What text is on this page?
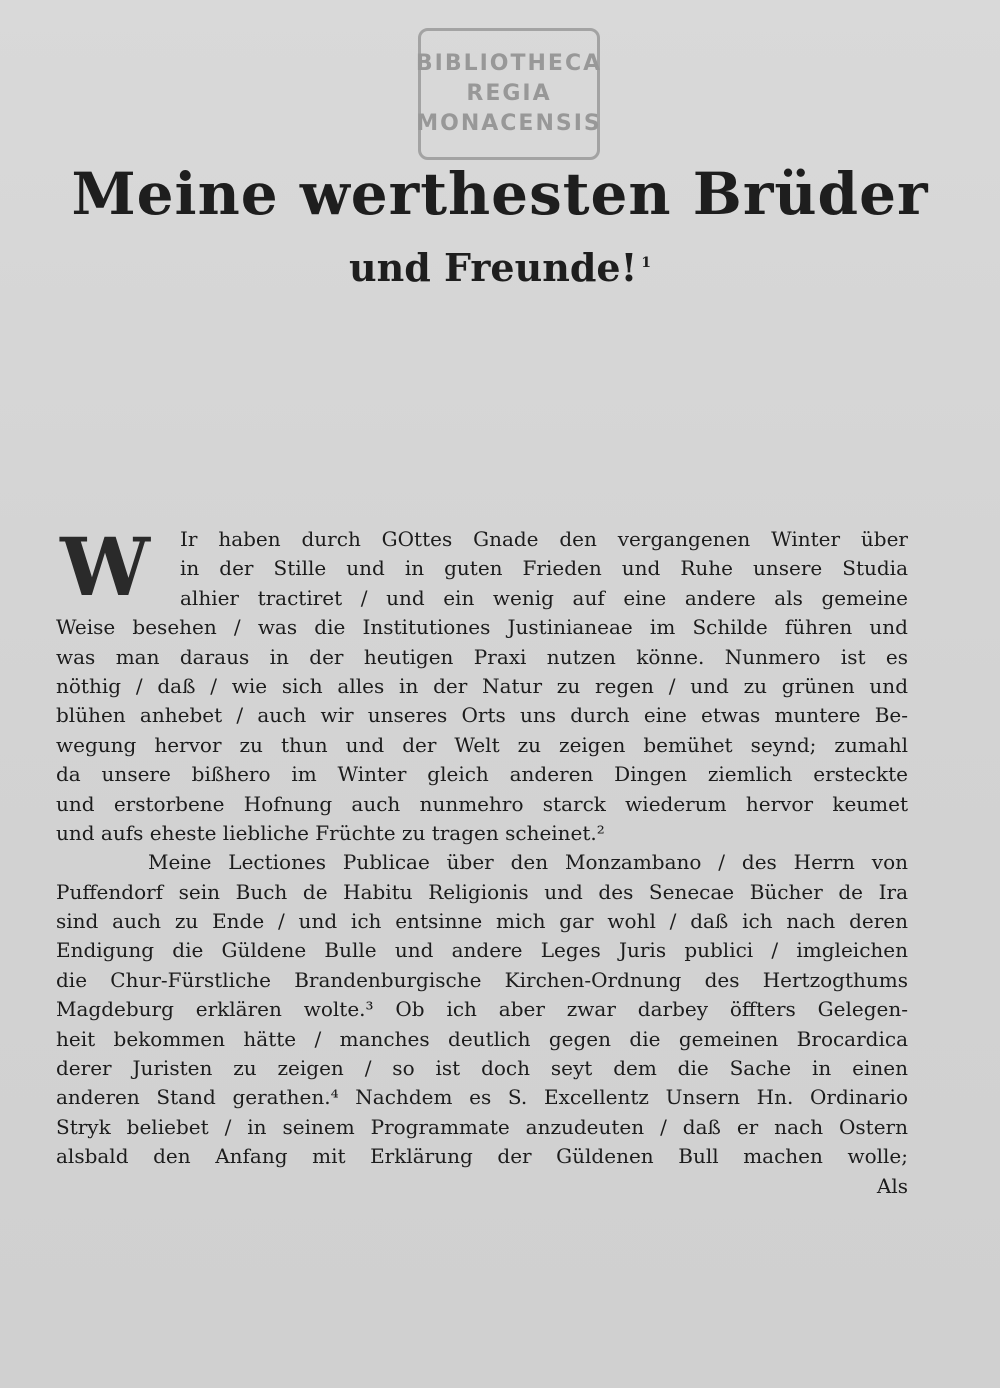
BIBLIOTHECA
REGIA
MONACENSIS
Meine werthesten Brüder
und Freunde! $^1$
W	Ir haben durch GOttes Gnade den vergangenen Winter über
in der Stille und in guten Frieden und Ruhe unsere Studia
alhier tractiret / und ein wenig auf eine andere als gemeine
Weise besehen / was die Institutiones Justinianeae im Schilde führen und
was man daraus in der heutigen Praxi nutzen könne. Nunmero ist es
nöthig / daß / wie sich alles in der Natur zu regen / und zu grünen und
blühen anhebet / auch wir unseres Orts uns durch eine etwas muntere Be-
wegung hervor zu thun und der Welt zu zeigen bemühet seynd; zumahl
da unsere bißhero im Winter gleich anderen Dingen ziemlich ersteckte
und erstorbene Hofnung auch nunmehro starck wiederum hervor keumet
und aufs eheste liebliche Früchte zu tragen scheinet.²
Meine Lectiones Publicae über den Monzambano / des Herrn von
Puffendorf sein Buch de Habitu Religionis und des Senecae Bücher de Ira
sind auch zu Ende / und ich entsinne mich gar wohl / daß ich nach deren
Endigung die Güldene Bulle und andere Leges Juris publici / imgleichen
die Chur-Fürstliche Brandenburgische Kirchen-Ordnung des Hertzogthums
Magdeburg erklären wolte.³ Ob ich aber zwar darbey öffters Gelegen-
heit bekommen hätte / manches deutlich gegen die gemeinen Brocardica
derer Juristen zu zeigen / so ist doch seyt dem die Sache in einen
anderen Stand gerathen.⁴ Nachdem es S. Excellentz Unsern Hn. Ordinario
Stryk beliebet / in seinem Programmate anzudeuten / daß er nach Ostern
alsbald den Anfang mit Erklärung der Güldenen Bull machen wolle;
Als
